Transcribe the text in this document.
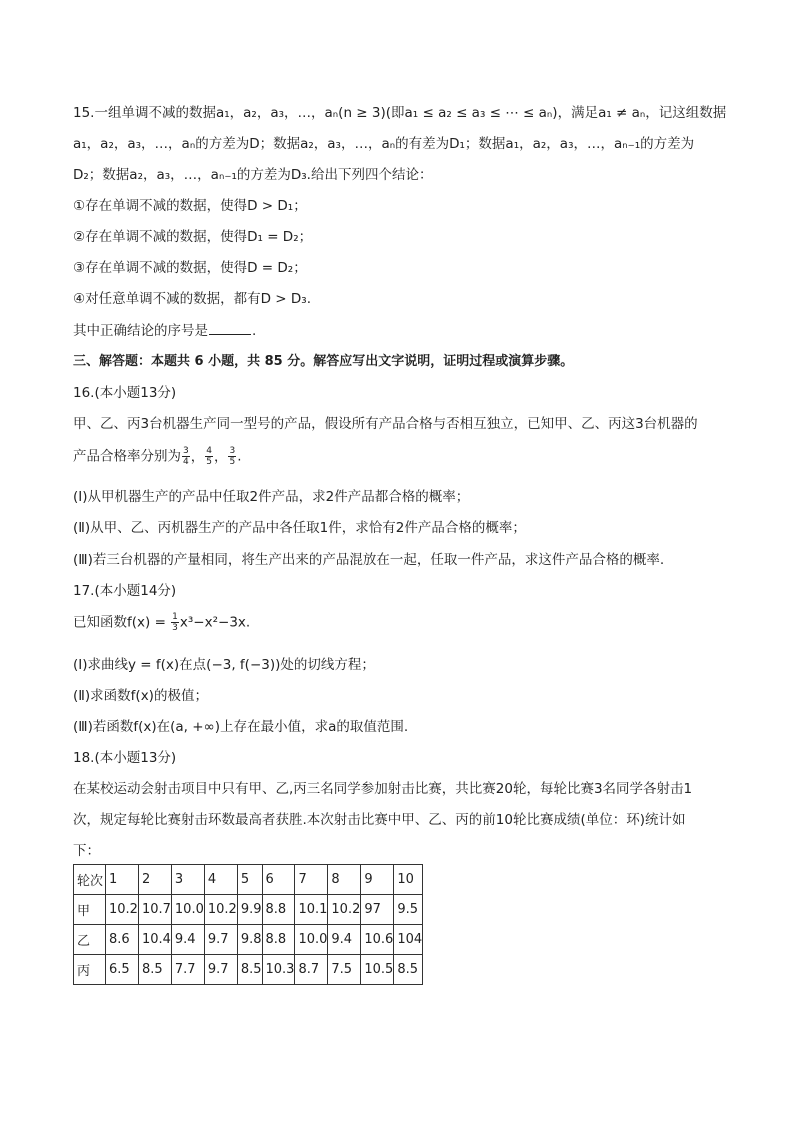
15.一组单调不减的数据a₁，a₂，a₃，…，aₙ(n ≥ 3)(即a₁ ≤ a₂ ≤ a₃ ≤ ⋯ ≤ aₙ)，满足a₁ ≠ aₙ，记这组数据
a₁，a₂，a₃，…，aₙ的方差为D；数据a₂，a₃，…，aₙ的有差为D₁；数据a₁，a₂，a₃，…，aₙ₋₁的方差为
D₂；数据a₂，a₃，…，aₙ₋₁的方差为D₃.给出下列四个结论：
①存在单调不减的数据，使得D > D₁；
②存在单调不减的数据，使得D₁ = D₂；
③存在单调不减的数据，使得D = D₂；
④对任意单调不减的数据，都有D > D₃.
其中正确结论的序号是	.
三、解答题：本题共 6 小题，共 85 分。解答应写出文字说明，证明过程或演算步骤。
16.(本小题13分)
甲、乙、丙3台机器生产同一型号的产品，假设所有产品合格与否相互独立，已知甲、乙、丙这3台机器的
产品合格率分别为 $\frac{3}{4}$ ， $\frac{4}{5}$ ， $\frac{3}{5}$ .
(Ⅰ)从甲机器生产的产品中任取2件产品，求2件产品都合格的概率；
(Ⅱ)从甲、乙、丙机器生产的产品中各任取1件，求恰有2件产品合格的概率；
(Ⅲ)若三台机器的产量相同，将生产出来的产品混放在一起，任取一件产品，求这件产品合格的概率.
17.(本小题14分)
已知函数$f(x) = \frac{1}{3} x^3-x^2-3x$.
(Ⅰ)求曲线y = f(x)在点(−3, f(−3))处的切线方程；
(Ⅱ)求函数f(x)的极值；
(Ⅲ)若函数f(x)在(a, +∞)上存在最小值，求a的取值范围.
18.(本小题13分)
在某校运动会射击项目中只有甲、乙,丙三名同学参加射击比赛，共比赛20轮，每轮比赛3名同学各射击1
次，规定每轮比赛射击环数最高者获胜.本次射击比赛中甲、乙、丙的前10轮比赛成绩(单位：环)统计如
下：
轮次	1	2	3	4	5	6	7	8	9	10
甲	10.2	10.7	10.0	10.2	9.9	8.8	10.1	10.2	97	9.5
乙	8.6	10.4	9.4	9.7	9.8	8.8	10.0	9.4	10.6	104
丙	6.5	8.5	7.7	9.7	8.5	10.3	8.7	7.5	10.5	8.5
